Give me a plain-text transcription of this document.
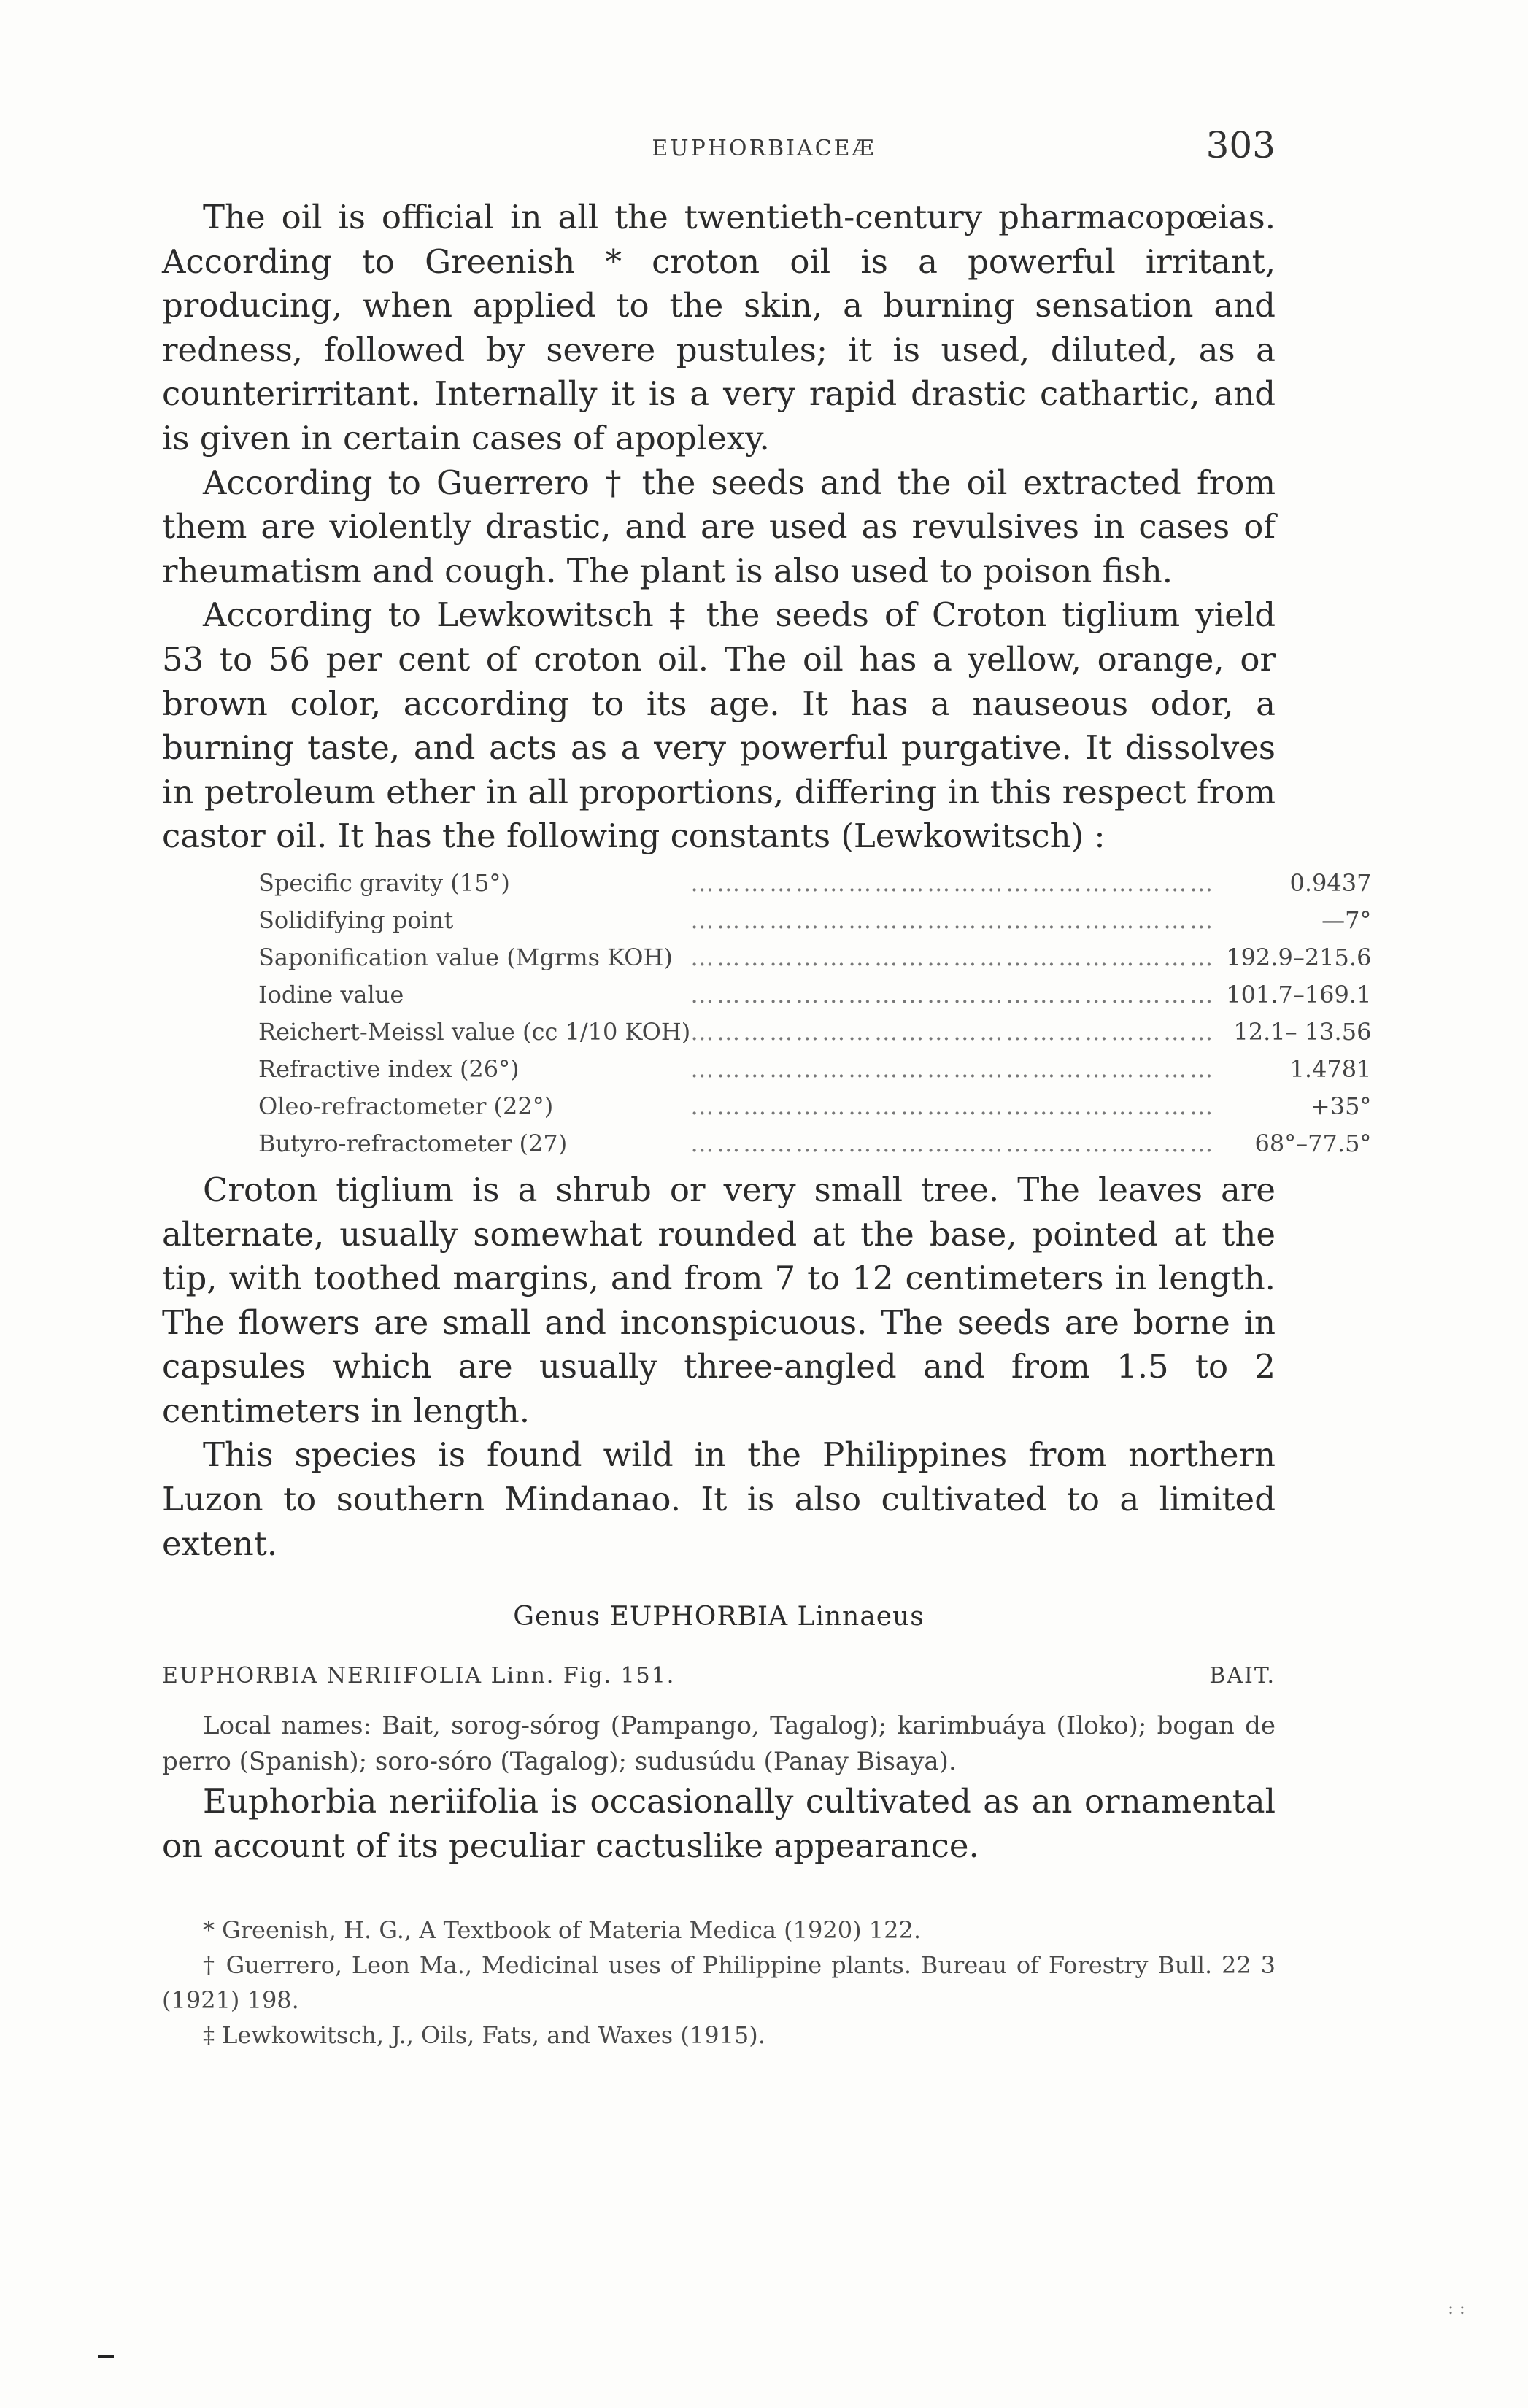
EUPHORBIACEÆ	303

The oil is official in all the twentieth-century pharmacopœias. According to Greenish * croton oil is a powerful irritant, producing, when applied to the skin, a burning sensation and redness, followed by severe pustules; it is used, diluted, as a counterirritant. Internally it is a very rapid drastic cathartic, and is given in certain cases of apoplexy.

According to Guerrero † the seeds and the oil extracted from them are violently drastic, and are used as revulsives in cases of rheumatism and cough. The plant is also used to poison fish.

According to Lewkowitsch ‡ the seeds of Croton tiglium yield 53 to 56 per cent of croton oil. The oil has a yellow, orange, or brown color, according to its age. It has a nauseous odor, a burning taste, and acts as a very powerful purgative. It dissolves in petroleum ether in all proportions, differing in this respect from castor oil. It has the following constants (Lewkowitsch) :

Specific gravity (15°)	……………………………………………………	0.9437
Solidifying point	……………………………………………………	—7°
Saponification value (Mgrms KOH)	……………………………………………………	192.9–215.6
Iodine value	……………………………………………………	101.7–169.1
Reichert-Meissl value (cc 1/10 KOH)	……………………………………………………	12.1– 13.56
Refractive index (26°)	……………………………………………………	1.4781
Oleo-refractometer (22°)	……………………………………………………	+35°
Butyro-refractometer (27)	……………………………………………………	68°–77.5°

Croton tiglium is a shrub or very small tree. The leaves are alternate, usually somewhat rounded at the base, pointed at the tip, with toothed margins, and from 7 to 12 centimeters in length. The flowers are small and inconspicuous. The seeds are borne in capsules which are usually three-angled and from 1.5 to 2 centimeters in length.

This species is found wild in the Philippines from northern Luzon to southern Mindanao. It is also cultivated to a limited extent.

Genus EUPHORBIA Linnaeus
EUPHORBIA NERIIFOLIA Linn. Fig. 151.	BAIT.

Local names: Bait, sorog-sórog (Pampango, Tagalog); karimbuáya (Iloko); bogan de perro (Spanish); soro-sóro (Tagalog); sudusúdu (Panay Bisaya).

Euphorbia neriifolia is occasionally cultivated as an ornamental on account of its peculiar cactuslike appearance.

* Greenish, H. G., A Textbook of Materia Medica (1920) 122.

† Guerrero, Leon Ma., Medicinal uses of Philippine plants. Bureau of Forestry Bull. 22 3 (1921) 198.

‡ Lewkowitsch, J., Oils, Fats, and Waxes (1915).

: :
